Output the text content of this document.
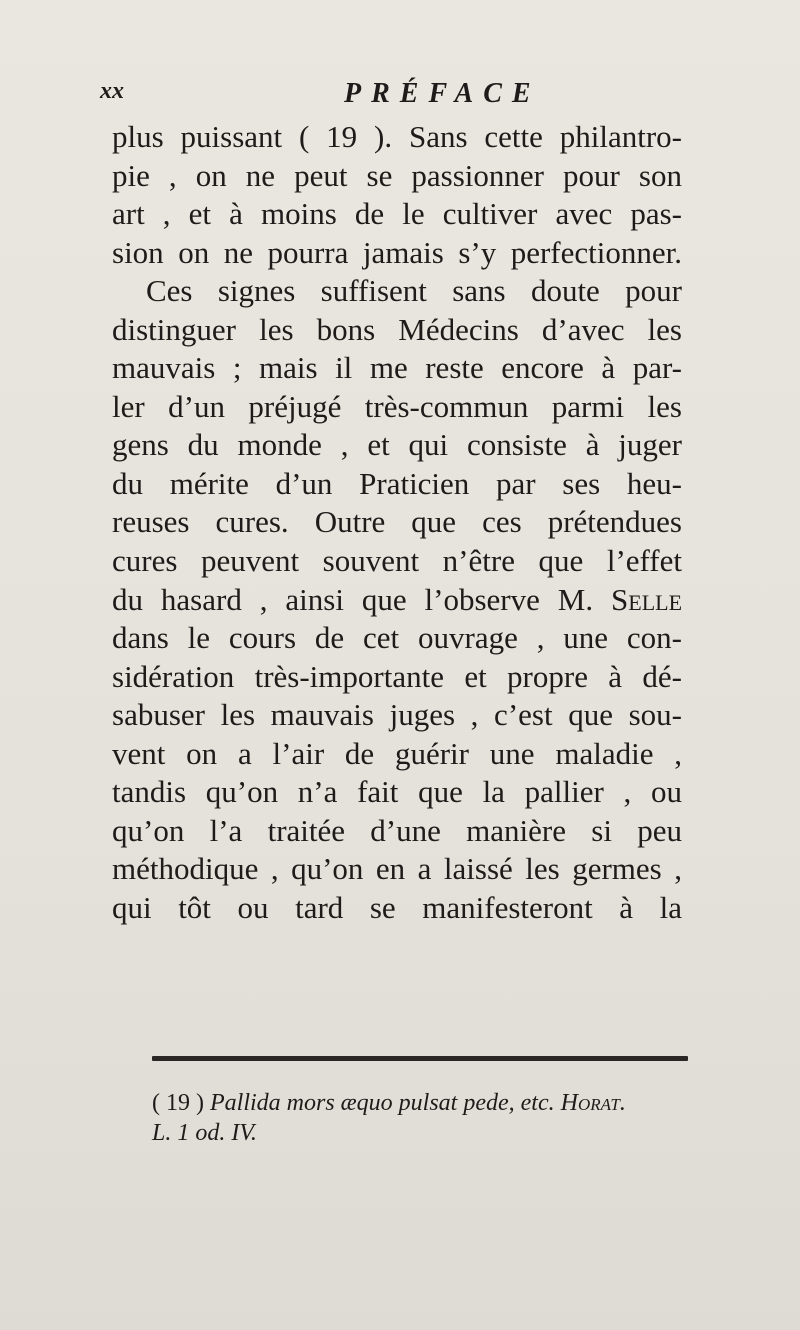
xx	PRÉFACE
plus puissant ( 19 ). Sans cette philantro-
pie , on ne peut se passionner pour son
art , et à moins de le cultiver avec pas-
sion on ne pourra jamais s’y perfectionner.
Ces signes suffisent sans doute pour
distinguer les bons Médecins d’avec les
mauvais ; mais il me reste encore à par-
ler d’un préjugé très-commun parmi les
gens du monde , et qui consiste à juger
du mérite d’un Praticien par ses heu-
reuses cures. Outre que ces prétendues
cures peuvent souvent n’être que l’effet
du hasard , ainsi que l’observe M. Selle
dans le cours de cet ouvrage , une con-
sidération très-importante et propre à dé-
sabuser les mauvais juges , c’est que sou-
vent on a l’air de guérir une maladie ,
tandis qu’on n’a fait que la pallier , ou
qu’on l’a traitée d’une manière si peu
méthodique , qu’on en a laissé les germes ,
qui tôt ou tard se manifesteront à la
( 19 ) Pallida mors æquo pulsat pede, etc. Horat.
L. 1 od. IV.
